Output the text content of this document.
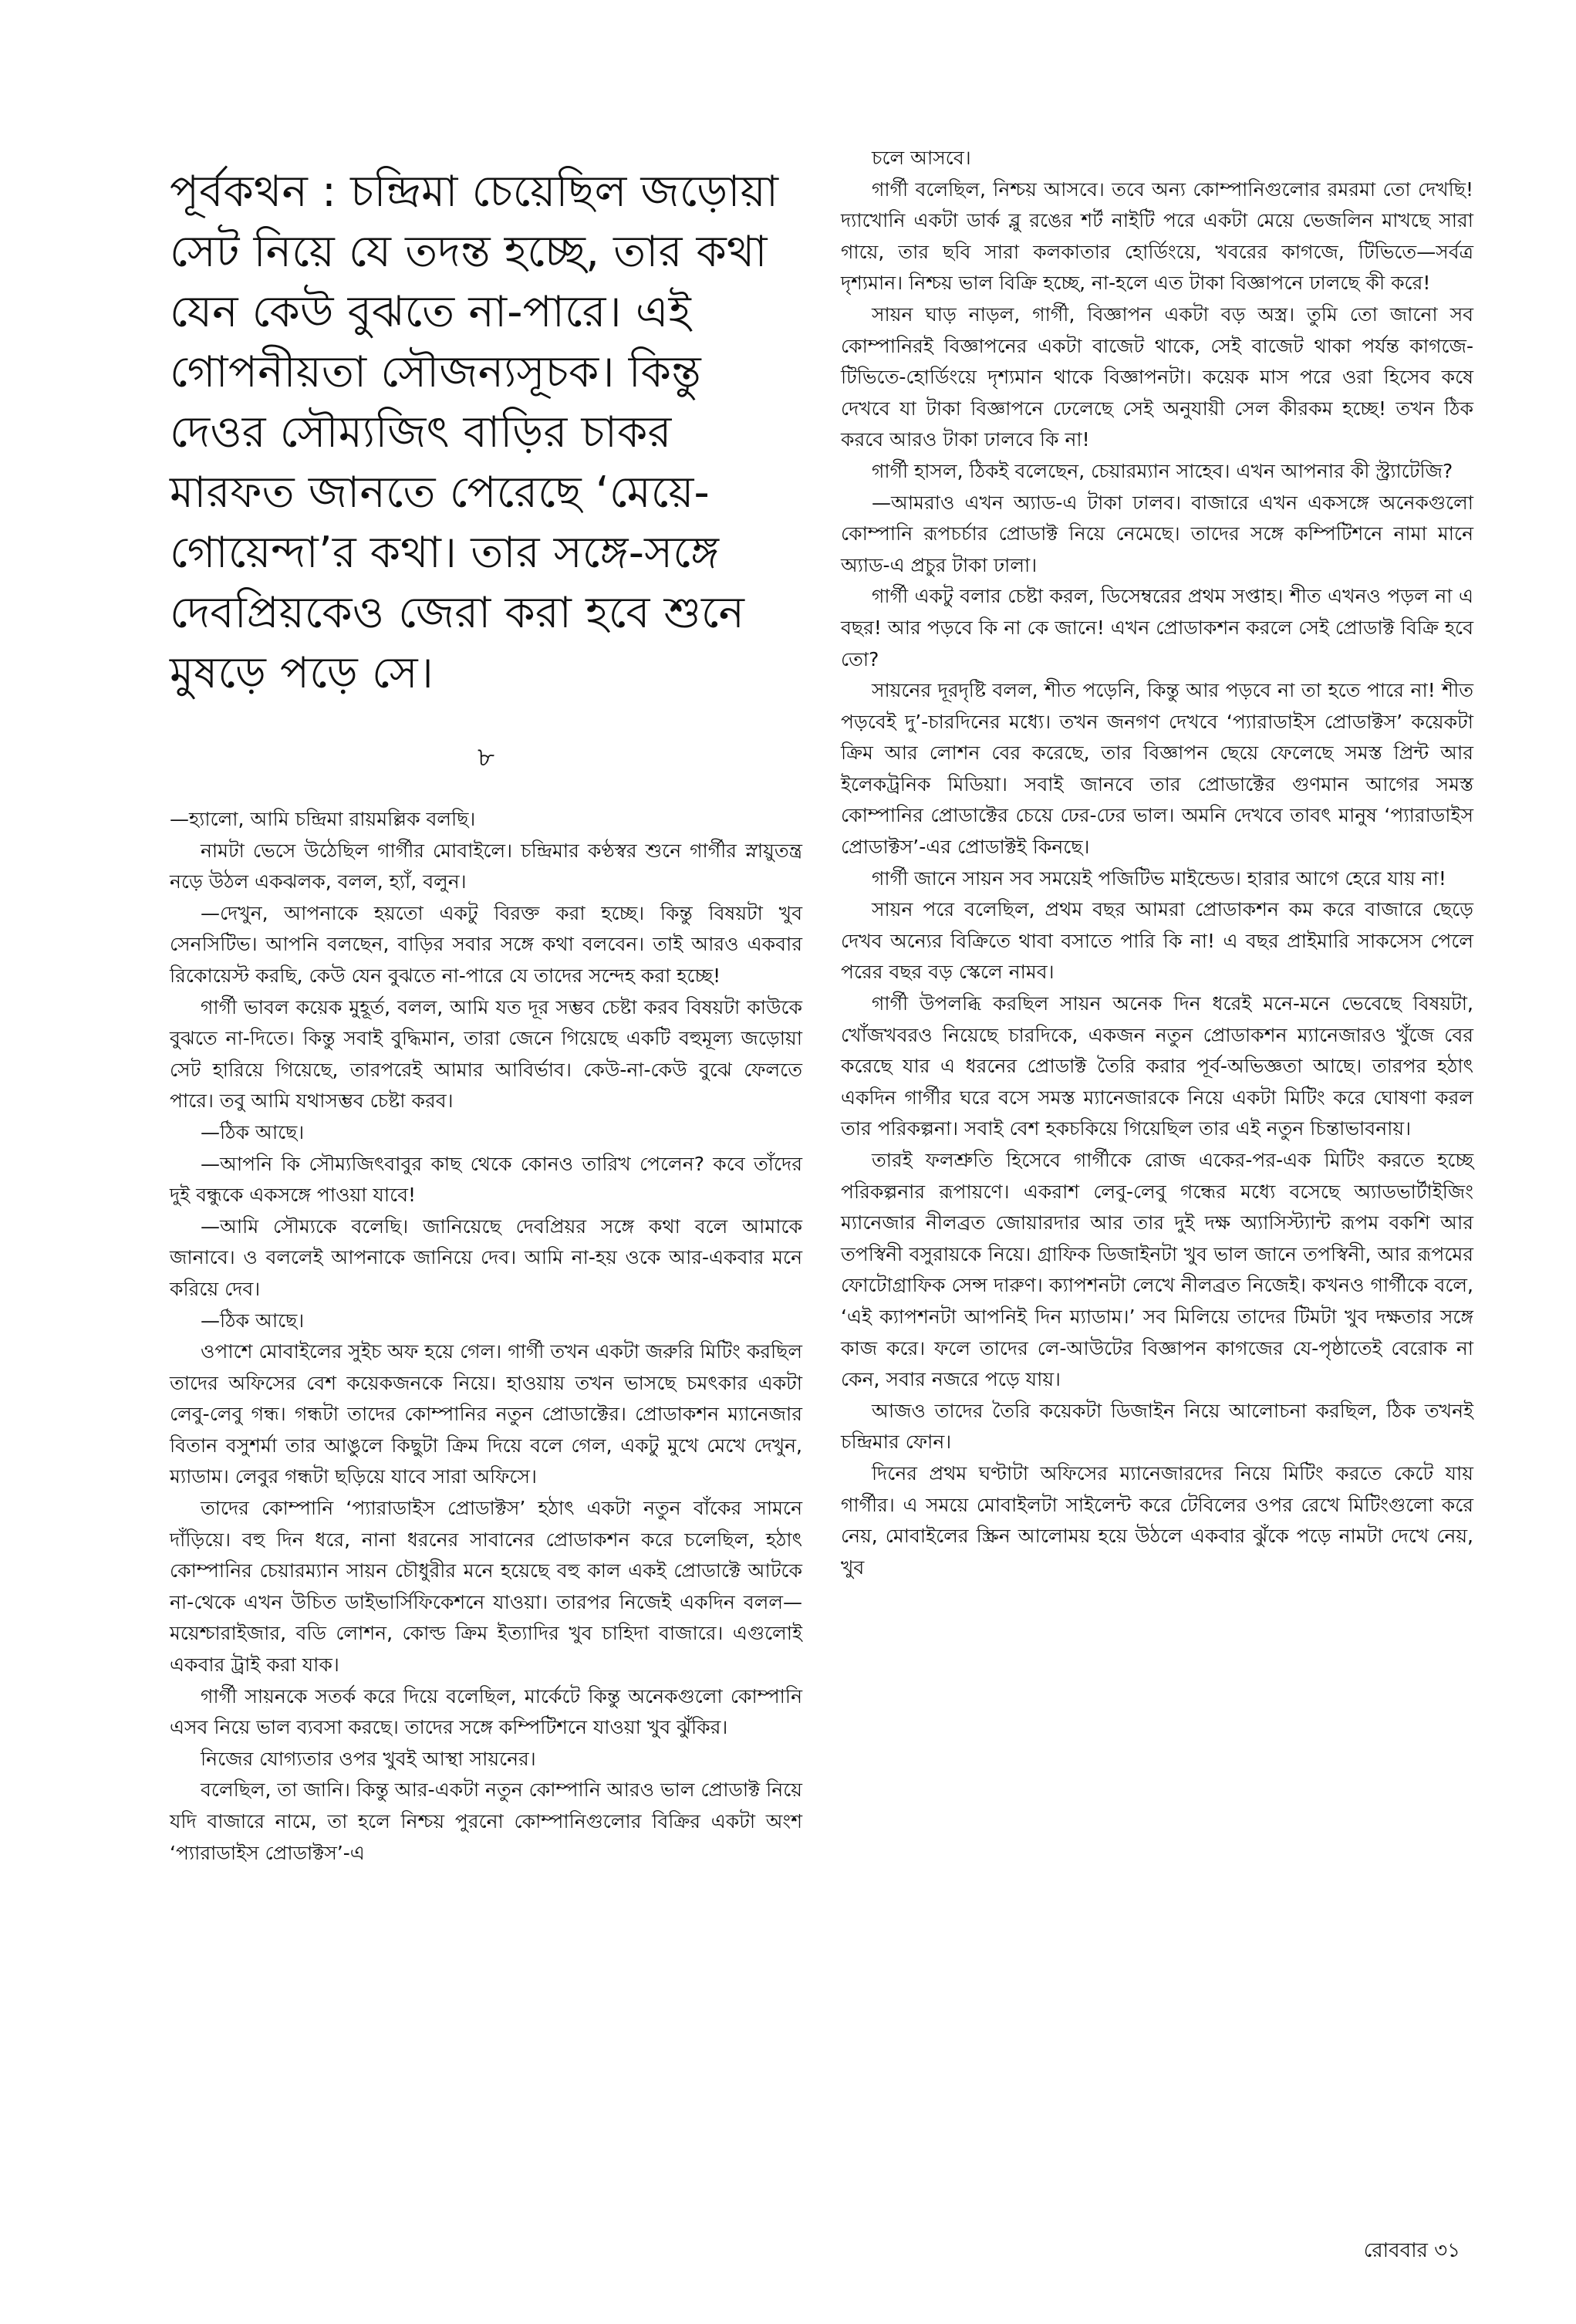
পূর্বকথন : চন্দ্রিমা চেয়েছিল জড়োয়া সেট নিয়ে যে তদন্ত হচ্ছে, তার কথা যেন কেউ বুঝতে না-পারে। এই গোপনীয়তা সৌজন্যসূচক। কিন্তু দেওর সৌম্যজিৎ বাড়ির চাকর মারফত জানতে পেরেছে ‘মেয়ে-গোয়েন্দা’র কথা। তার সঙ্গে-সঙ্গে দেবপ্রিয়কেও জেরা করা হবে শুনে মুষড়ে পড়ে সে।
৮

—হ্যালো, আমি চন্দ্রিমা রায়মল্লিক বলছি।

নামটা ভেসে উঠেছিল গার্গীর মোবাইলে। চন্দ্রিমার কণ্ঠস্বর শুনে গার্গীর স্নায়ুতন্ত্র নড়ে উঠল একঝলক, বলল, হ্যাঁ, বলুন।

—দেখুন, আপনাকে হয়তো একটু বিরক্ত করা হচ্ছে। কিন্তু বিষয়টা খুব সেনসিটিভ। আপনি বলছেন, বাড়ির সবার সঙ্গে কথা বলবেন। তাই আরও একবার রিকোয়েস্ট করছি, কেউ যেন বুঝতে না-পারে যে তাদের সন্দেহ করা হচ্ছে!

গার্গী ভাবল কয়েক মুহূর্ত, বলল, আমি যত দূর সম্ভব চেষ্টা করব বিষয়টা কাউকে বুঝতে না-দিতে। কিন্তু সবাই বুদ্ধিমান, তারা জেনে গিয়েছে একটি বহুমূল্য জড়োয়া সেট হারিয়ে গিয়েছে, তারপরেই আমার আবির্ভাব। কেউ-না-কেউ বুঝে ফেলতে পারে। তবু আমি যথাসম্ভব চেষ্টা করব।

—ঠিক আছে।

—আপনি কি সৌম্যজিৎবাবুর কাছ থেকে কোনও তারিখ পেলেন? কবে তাঁদের দুই বন্ধুকে একসঙ্গে পাওয়া যাবে!

—আমি সৌম্যকে বলেছি। জানিয়েছে দেবপ্রিয়র সঙ্গে কথা বলে আমাকে জানাবে। ও বললেই আপনাকে জানিয়ে দেব। আমি না-হয় ওকে আর-একবার মনে করিয়ে দেব।

—ঠিক আছে।

ওপাশে মোবাইলের সুইচ অফ হয়ে গেল। গার্গী তখন একটা জরুরি মিটিং করছিল তাদের অফিসের বেশ কয়েকজনকে নিয়ে। হাওয়ায় তখন ভাসছে চমৎকার একটা লেবু-লেবু গন্ধ। গন্ধটা তাদের কোম্পানির নতুন প্রোডাক্টের। প্রোডাকশন ম্যানেজার বিতান বসুশর্মা তার আঙুলে কিছুটা ক্রিম দিয়ে বলে গেল, একটু মুখে মেখে দেখুন, ম্যাডাম। লেবুর গন্ধটা ছড়িয়ে যাবে সারা অফিসে।

তাদের কোম্পানি ‘প্যারাডাইস প্রোডাক্টস’ হঠাৎ একটা নতুন বাঁকের সামনে দাঁড়িয়ে। বহু দিন ধরে, নানা ধরনের সাবানের প্রোডাকশন করে চলেছিল, হঠাৎ কোম্পানির চেয়ারম্যান সায়ন চৌধুরীর মনে হয়েছে বহু কাল একই প্রোডাক্টে আটকে না-থেকে এখন উচিত ডাইভার্সিফিকেশনে যাওয়া। তারপর নিজেই একদিন বলল—ময়েশ্চারাইজার, বডি লোশন, কোল্ড ক্রিম ইত্যাদির খুব চাহিদা বাজারে। এগুলোই একবার ট্রাই করা যাক।

গার্গী সায়নকে সতর্ক করে দিয়ে বলেছিল, মার্কেটে কিন্তু অনেকগুলো কোম্পানি এসব নিয়ে ভাল ব্যবসা করছে। তাদের সঙ্গে কম্পিটিশনে যাওয়া খুব ঝুঁকির।

নিজের যোগ্যতার ওপর খুবই আস্থা সায়নের।

বলেছিল, তা জানি। কিন্তু আর-একটা নতুন কোম্পানি আরও ভাল প্রোডাক্ট নিয়ে যদি বাজারে নামে, তা হলে নিশ্চয় পুরনো কোম্পানিগুলোর বিক্রির একটা অংশ ‘প্যারাডাইস প্রোডাক্টস’-এ

চলে আসবে।

গার্গী বলেছিল, নিশ্চয় আসবে। তবে অন্য কোম্পানিগুলোর রমরমা তো দেখছি! দ্যাখোনি একটা ডার্ক ব্লু রঙের শর্ট নাইটি পরে একটা মেয়ে ভেজলিন মাখছে সারা গায়ে, তার ছবি সারা কলকাতার হোর্ডিংয়ে, খবরের কাগজে, টিভিতে—সর্বত্র দৃশ্যমান। নিশ্চয় ভাল বিক্রি হচ্ছে, না-হলে এত টাকা বিজ্ঞাপনে ঢালছে কী করে!

সায়ন ঘাড় নাড়ল, গার্গী, বিজ্ঞাপন একটা বড় অস্ত্র। তুমি তো জানো সব কোম্পানিরই বিজ্ঞাপনের একটা বাজেট থাকে, সেই বাজেট থাকা পর্যন্ত কাগজে-টিভিতে-হোর্ডিংয়ে দৃশ্যমান থাকে বিজ্ঞাপনটা। কয়েক মাস পরে ওরা হিসেব কষে দেখবে যা টাকা বিজ্ঞাপনে ঢেলেছে সেই অনুযায়ী সেল কীরকম হচ্ছে! তখন ঠিক করবে আরও টাকা ঢালবে কি না!

গার্গী হাসল, ঠিকই বলেছেন, চেয়ারম্যান সাহেব। এখন আপনার কী স্ট্র্যাটেজি?

—আমরাও এখন অ্যাড-এ টাকা ঢালব। বাজারে এখন একসঙ্গে অনেকগুলো কোম্পানি রূপচর্চার প্রোডাক্ট নিয়ে নেমেছে। তাদের সঙ্গে কম্পিটিশনে নামা মানে অ্যাড-এ প্রচুর টাকা ঢালা।

গার্গী একটু বলার চেষ্টা করল, ডিসেম্বরের প্রথম সপ্তাহ। শীত এখনও পড়ল না এ বছর! আর পড়বে কি না কে জানে! এখন প্রোডাকশন করলে সেই প্রোডাক্ট বিক্রি হবে তো?

সায়নের দূরদৃষ্টি বলল, শীত পড়েনি, কিন্তু আর পড়বে না তা হতে পারে না! শীত পড়বেই দু’-চারদিনের মধ্যে। তখন জনগণ দেখবে ‘প্যারাডাইস প্রোডাক্টস’ কয়েকটা ক্রিম আর লোশন বের করেছে, তার বিজ্ঞাপন ছেয়ে ফেলেছে সমস্ত প্রিন্ট আর ইলেকট্রনিক মিডিয়া। সবাই জানবে তার প্রোডাক্টের গুণমান আগের সমস্ত কোম্পানির প্রোডাক্টের চেয়ে ঢের-ঢের ভাল। অমনি দেখবে তাবৎ মানুষ ‘প্যারাডাইস প্রোডাক্টস’-এর প্রোডাক্টই কিনছে।

গার্গী জানে সায়ন সব সময়েই পজিটিভ মাইন্ডেড। হারার আগে হেরে যায় না!

সায়ন পরে বলেছিল, প্রথম বছর আমরা প্রোডাকশন কম করে বাজারে ছেড়ে দেখব অন্যের বিক্রিতে থাবা বসাতে পারি কি না! এ বছর প্রাইমারি সাকসেস পেলে পরের বছর বড় স্কেলে নামব।

গার্গী উপলব্ধি করছিল সায়ন অনেক দিন ধরেই মনে-মনে ভেবেছে বিষয়টা, খোঁজখবরও নিয়েছে চারদিকে, একজন নতুন প্রোডাকশন ম্যানেজারও খুঁজে বের করেছে যার এ ধরনের প্রোডাক্ট তৈরি করার পূর্ব-অভিজ্ঞতা আছে। তারপর হঠাৎ একদিন গার্গীর ঘরে বসে সমস্ত ম্যানেজারকে নিয়ে একটা মিটিং করে ঘোষণা করল তার পরিকল্পনা। সবাই বেশ হকচকিয়ে গিয়েছিল তার এই নতুন চিন্তাভাবনায়।

তারই ফলশ্রুতি হিসেবে গার্গীকে রোজ একের-পর-এক মিটিং করতে হচ্ছে পরিকল্পনার রূপায়ণে। একরাশ লেবু-লেবু গন্ধের মধ্যে বসেছে অ্যাডভার্টাইজিং ম্যানেজার নীলব্রত জোয়ারদার আর তার দুই দক্ষ অ্যাসিস্ট্যান্ট রূপম বকশি আর তপস্বিনী বসুরায়কে নিয়ে। গ্রাফিক ডিজাইনটা খুব ভাল জানে তপস্বিনী, আর রূপমের ফোটোগ্রাফিক সেন্স দারুণ। ক্যাপশনটা লেখে নীলব্রত নিজেই। কখনও গার্গীকে বলে, ‘এই ক্যাপশনটা আপনিই দিন ম্যাডাম।’ সব মিলিয়ে তাদের টিমটা খুব দক্ষতার সঙ্গে কাজ করে। ফলে তাদের লে-আউটের বিজ্ঞাপন কাগজের যে-পৃষ্ঠাতেই বেরোক না কেন, সবার নজরে পড়ে যায়।

আজও তাদের তৈরি কয়েকটা ডিজাইন নিয়ে আলোচনা করছিল, ঠিক তখনই চন্দ্রিমার ফোন।

দিনের প্রথম ঘণ্টাটা অফিসের ম্যানেজারদের নিয়ে মিটিং করতে কেটে যায় গার্গীর। এ সময়ে মোবাইলটা সাইলেন্ট করে টেবিলের ওপর রেখে মিটিংগুলো করে নেয়, মোবাইলের স্ক্রিন আলোময় হয়ে উঠলে একবার ঝুঁকে পড়ে নামটা দেখে নেয়, খুব

রোববার ৩১
